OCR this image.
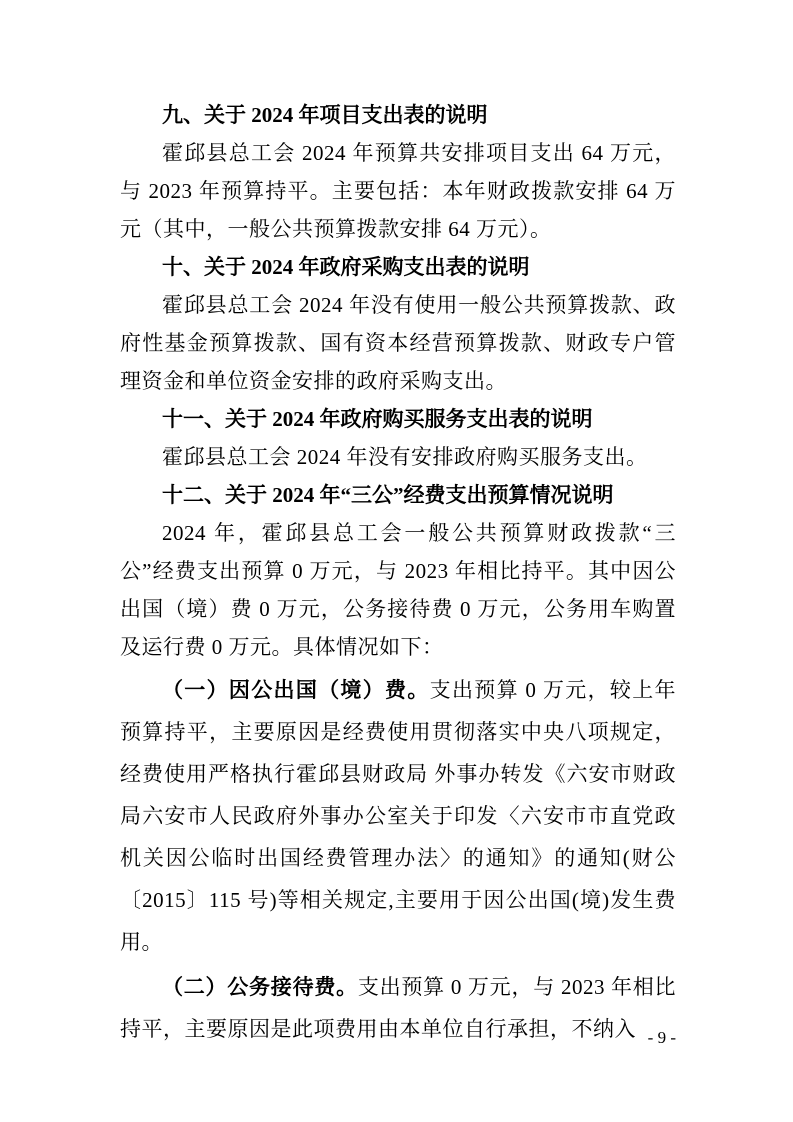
九、关于 2024 年项目支出表的说明

霍邱县总工会 2024 年预算共安排项目支出 64 万元，与 2023 年预算持平。主要包括：本年财政拨款安排 64 万元（其中，一般公共预算拨款安排 64 万元）。

十、关于 2024 年政府采购支出表的说明

霍邱县总工会 2024 年没有使用一般公共预算拨款、政府性基金预算拨款、国有资本经营预算拨款、财政专户管理资金和单位资金安排的政府采购支出。

十一、关于 2024 年政府购买服务支出表的说明

霍邱县总工会 2024 年没有安排政府购买服务支出。

十二、关于 2024 年“三公”经费支出预算情况说明

2024 年，霍邱县总工会一般公共预算财政拨款“三公”经费支出预算 0 万元，与 2023 年相比持平。其中因公出国（境）费 0 万元，公务接待费 0 万元，公务用车购置及运行费 0 万元。具体情况如下：

（一）因公出国（境）费。支出预算 0 万元，较上年预算持平，主要原因是经费使用贯彻落实中央八项规定，经费使用严格执行霍邱县财政局 外事办转发《六安市财政局六安市人民政府外事办公室关于印发〈六安市市直党政机关因公临时出国经费管理办法〉的通知》的通知(财公〔2015〕115 号)等相关规定,主要用于因公出国(境)发生费用。

（二）公务接待费。支出预算 0 万元，与 2023 年相比持平，主要原因是此项费用由本单位自行承担，不纳入 - 9 -
